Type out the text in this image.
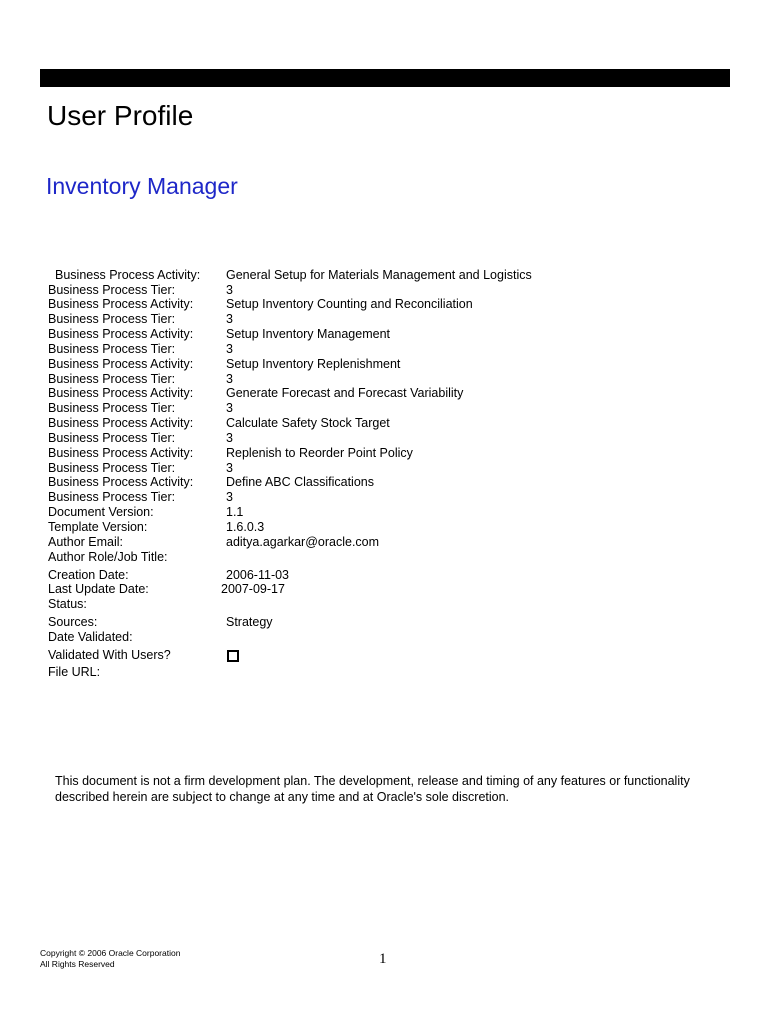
User Profile
Inventory Manager
Business Process Activity: General Setup for Materials Management and Logistics
Business Process Tier:	3
Business Process Activity:	Setup Inventory Counting and Reconciliation
Business Process Tier:	3
Business Process Activity:	Setup Inventory Management
Business Process Tier:	3
Business Process Activity:	Setup Inventory Replenishment
Business Process Tier:	3
Business Process Activity:	Generate Forecast and Forecast Variability
Business Process Tier:	3
Business Process Activity:	Calculate Safety Stock Target
Business Process Tier:	3
Business Process Activity:	Replenish to Reorder Point Policy
Business Process Tier:	3
Business Process Activity:	Define ABC Classifications
Business Process Tier:	3
Document Version:	1.1
Template Version:	1.6.0.3
Author Email:	aditya.agarkar@oracle.com
Author Role/Job Title:
Creation Date:	2006-11-03
Last Update Date:	2007-09-17
Status:
Sources:	Strategy
Date Validated:
Validated With Users?
File URL:
This document is not a firm development plan. The development, release and timing of any features or functionality
described herein are subject to change at any time and at Oracle's sole discretion.
Copyright © 2006 Oracle Corporation
All Rights Reserved	1
